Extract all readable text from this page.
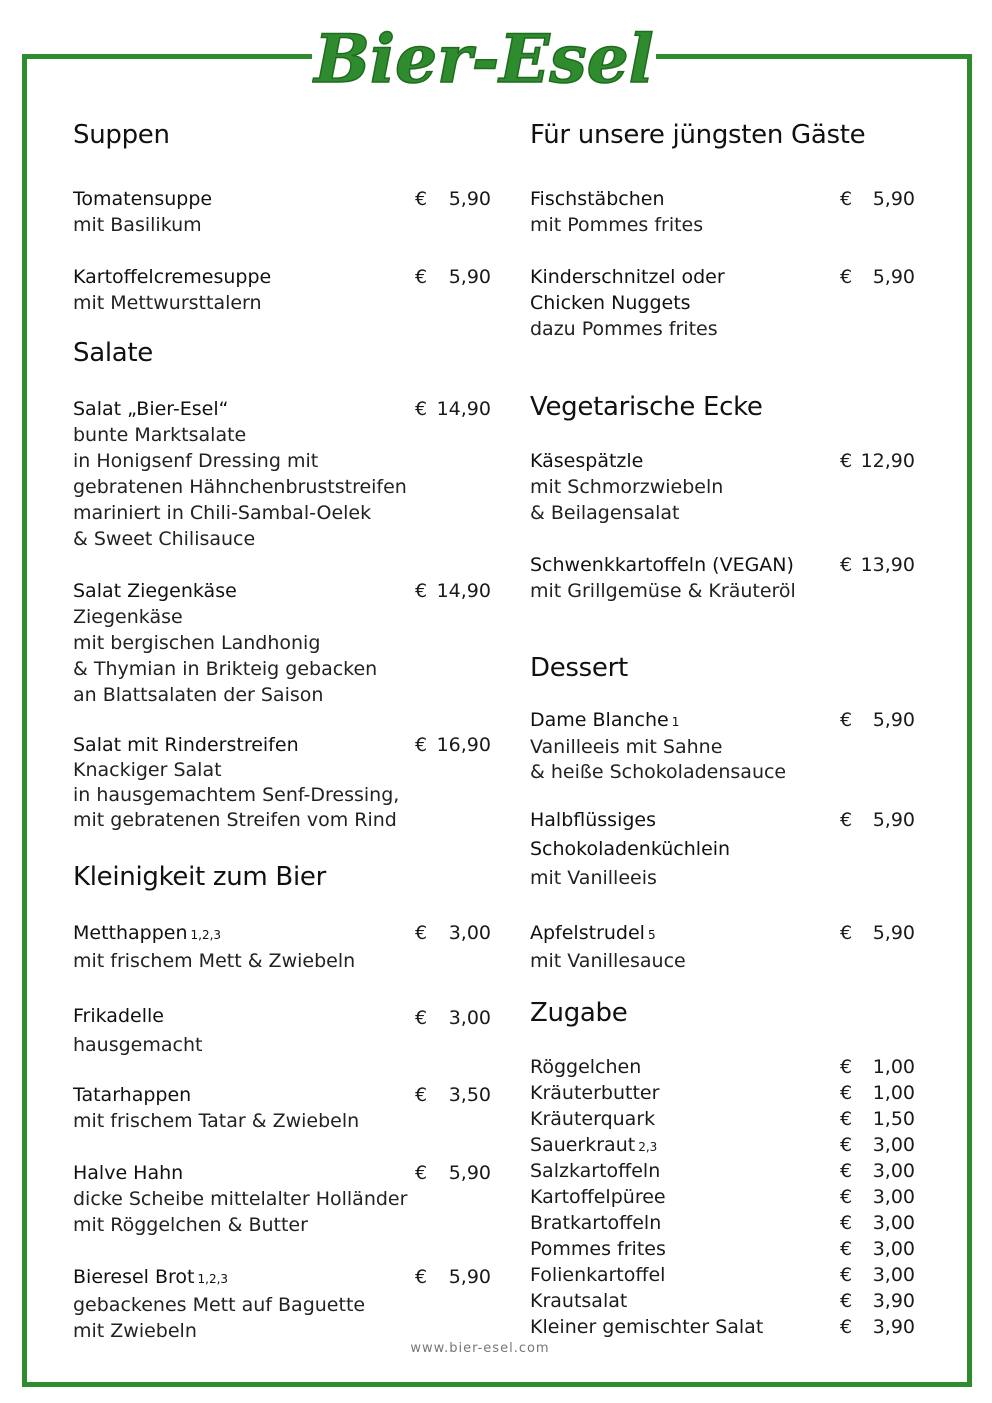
Bier-Esel
Suppen
Tomatensuppe
mit Basilikum
€	5,90
Kartoffelcremesuppe
mit Mettwursttalern
€	5,90
Salate
Salat „Bier-Esel“
bunte Marktsalate
in Honigsenf Dressing mit
gebratenen Hähnchenbruststreifen
mariniert in Chili-Sambal-Oelek
& Sweet Chilisauce
€ 14,90
Salat Ziegenkäse
Ziegenkäse
mit bergischen Landhonig
& Thymian in Brikteig gebacken
an Blattsalaten der Saison
€ 14,90
Salat mit Rinderstreifen
Knackiger Salat
in hausgemachtem Senf-Dressing,
mit gebratenen Streifen vom Rind
€ 16,90
Kleinigkeit zum Bier
Metthappen 1,2,3
mit frischem Mett & Zwiebeln
€	3,00
Frikadelle
hausgemacht
€	3,00
Tatarhappen
mit frischem Tatar & Zwiebeln
€	3,50
Halve Hahn
dicke Scheibe mittelalter Holländer
mit Röggelchen & Butter
€	5,90
Bieresel Brot 1,2,3
gebackenes Mett auf Baguette
mit Zwiebeln
€	5,90
Für unsere jüngsten Gäste
Fischstäbchen
mit Pommes frites
€	5,90
Kinderschnitzel oder
Chicken Nuggets
dazu Pommes frites
€	5,90
Vegetarische Ecke
Käsespätzle
mit Schmorzwiebeln
& Beilagensalat
€ 12,90
Schwenkkartoffeln (VEGAN)
mit Grillgemüse & Kräuteröl
€ 13,90
Dessert
Dame Blanche 1
Vanilleeis mit Sahne
& heiße Schokoladensauce
€	5,90
Halbflüssiges
Schokoladenküchlein
mit Vanilleeis
€	5,90
Apfelstrudel 5
mit Vanillesauce
€	5,90
Zugabe
Röggelchen	€	1,00
Kräuterbutter	€	1,00
Kräuterquark	€	1,50
Sauerkraut 2,3	€	3,00
Salzkartoffeln	€	3,00
Kartoffelpüree	€	3,00
Bratkartoffeln	€	3,00
Pommes frites	€	3,00
Folienkartoffel	€	3,00
Krautsalat	€	3,90
Kleiner gemischter Salat	€	3,90
www.bier-esel.com
